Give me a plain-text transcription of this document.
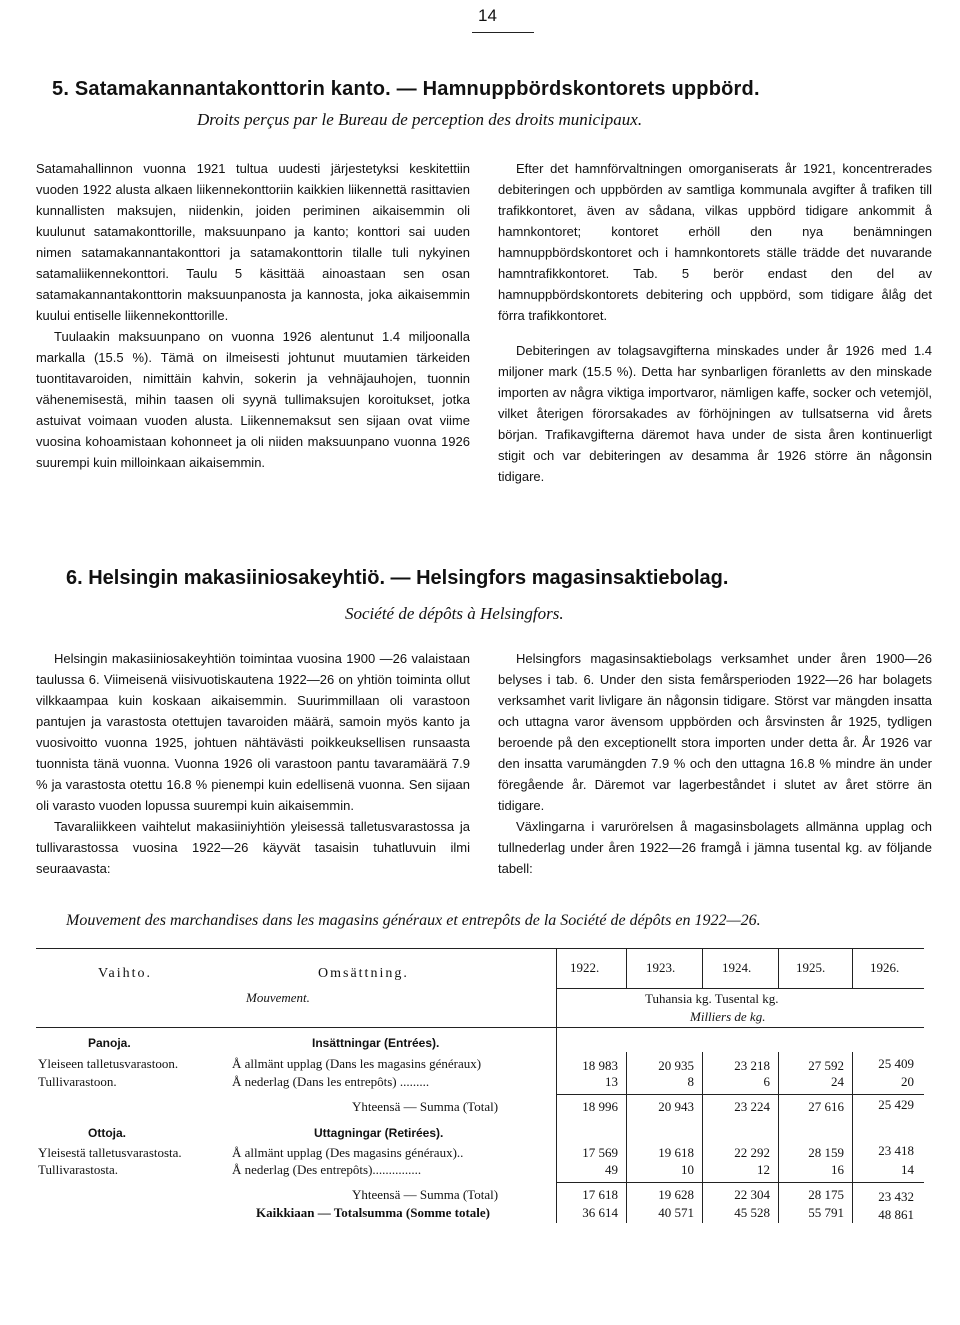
14
5. Satamakannantakonttorin kanto. — Hamnuppbördskontorets uppbörd.
Droits perçus par le Bureau de perception des droits municipaux.

Satamahallinnon vuonna 1921 tultua uudesti järjestetyksi keskitettiin vuoden 1922 alusta alkaen liikennekonttoriin kaikkien liikennettä rasittavien kunnallisten maksujen, niidenkin, joiden periminen aikaisemmin oli kuulunut satamakonttorille, maksuunpano ja kanto; konttori sai uuden nimen satamakannantakonttori ja satamakonttorin tilalle tuli nykyinen satamaliikennekonttori. Taulu 5 käsittää ainoastaan sen osan satamakannantakonttorin maksuunpanosta ja kannosta, joka aikaisemmin kuului entiselle liikennekonttorille.

Tuulaakin maksuunpano on vuonna 1926 alentunut 1.4 miljoonalla markalla (15.5 %). Tämä on ilmeisesti johtunut muutamien tärkeiden tuontitavaroiden, nimittäin kahvin, sokerin ja vehnäjauhojen, tuonnin vähenemisestä, mihin taasen oli syynä tullimaksujen koroitukset, jotka astuivat voimaan vuoden alusta. Liikennemaksut sen sijaan ovat viime vuosina kohoamistaan kohonneet ja oli niiden maksuunpano vuonna 1926 suurempi kuin milloinkaan aikaisemmin.

Efter det hamnförvaltningen omorganiserats år 1921, koncentrerades debiteringen och uppbörden av samtliga kommunala avgifter å trafiken till trafikkontoret, även av sådana, vilkas uppbörd tidigare ankommit å hamnkontoret; kontoret erhöll den nya benämningen hamnuppbördskontoret och i hamnkontorets ställe trädde det nuvarande hamntrafikkontoret. Tab. 5 berör endast den del av hamnuppbördskontorets debitering och uppbörd, som tidigare ålåg det förra trafikkontoret.

Debiteringen av tolagsavgifterna minskades under år 1926 med 1.4 miljoner mark (15.5 %). Detta har synbarligen föranletts av den minskade importen av några viktiga importvaror, nämligen kaffe, socker och vetemjöl, vilket återigen förorsakades av förhöjningen av tullsatserna vid årets början. Trafikavgifterna däremot hava under de sista åren kontinuerligt stigit och var debiteringen av desamma år 1926 större än någonsin tidigare.

6. Helsingin makasiiniosakeyhtiö. — Helsingfors magasinsaktiebolag.
Société de dépôts à Helsingfors.

Helsingin makasiiniosakeyhtiön toimintaa vuosina 1900 —26 valaistaan taulussa 6. Viimeisenä viisivuotiskautena 1922—26 on yhtiön toiminta ollut vilkkaampaa kuin koskaan aikaisemmin. Suurimmillaan oli varastoon pantujen ja varastosta otettujen tavaroiden määrä, samoin myös kanto ja vuosivoitto vuonna 1925, johtuen nähtävästi poikkeuksellisen runsaasta tuonnista tänä vuonna. Vuonna 1926 oli varastoon pantu tavaramäärä 7.9 % ja varastosta otettu 16.8 % pienempi kuin edellisenä vuonna. Sen sijaan oli varasto vuoden lopussa suurempi kuin aikaisemmin.

Tavaraliikkeen vaihtelut makasiiniyhtiön yleisessä talletusvarastossa ja tullivarastossa vuosina 1922—26 käyvät tasaisin tuhatluvuin ilmi seuraavasta:

Helsingfors magasinsaktiebolags verksamhet under åren 1900—26 belyses i tab. 6. Under den sista femårsperioden 1922—26 har bolagets verksamhet varit livligare än någonsin tidigare. Störst var mängden insatta och uttagna varor ävensom uppbörden och årsvinsten år 1925, tydligen beroende på den exceptionellt stora importen under detta år. År 1926 var den insatta varumängden 7.9 % och den uttagna 16.8 % mindre än under föregående år. Däremot var lagerbeståndet i slutet av året större än tidigare.

Växlingarna i varurörelsen å magasinsbolagets allmänna upplag och tullnederlag under åren 1922—26 framgå i jämna tusental kg. av följande tabell:

Mouvement des marchandises dans les magasins généraux et entrepôts de la Société de dépôts en 1922—26.
Vaihto.	Omsättning.
Mouvement.
1922.	1923.	1924.	1925.	1926.
Tuhansia kg. Tusental kg.
Milliers de kg.
Panoja.	Insättningar (Entrées).
Yleiseen talletusvarastoon.	Å allmänt upplag (Dans les magasins généraux)	18 983	20 935	23 218	27 592	25 409
Tullivarastoon.	Å nederlag (Dans les entrepôts) .........	13	8	6	24	20
Yhteensä — Summa (Total)	18 996	20 943	23 224	27 616	25 429
Ottoja.	Uttagningar (Retirées).
Yleisestä talletusvarastosta.	Å allmänt upplag (Des magasins généraux)..	17 569	19 618	22 292	28 159	23 418
Tullivarastosta.	Å nederlag (Des entrepôts)...............	49	10	12	16	14
Yhteensä — Summa (Total)	17 618	19 628	22 304	28 175	23 432
Kaikkiaan — Totalsumma (Somme totale)	36 614	40 571	45 528	55 791	48 861
